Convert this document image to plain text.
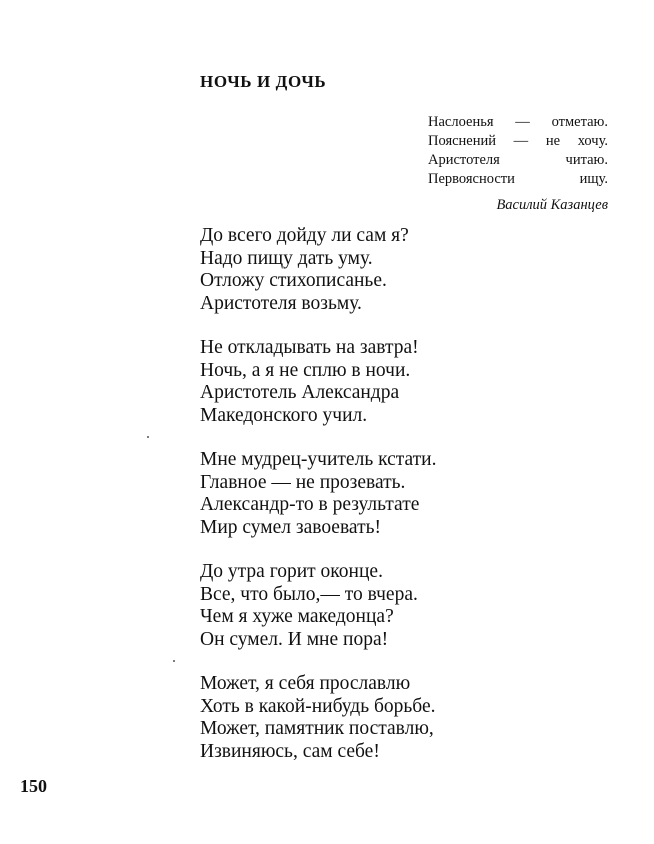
НОЧЬ И ДОЧЬ
Наслоенья — отметаю.
Пояснений — не хочу.
Аристотеля   читаю.
Первоясности   ищу.
Василий Казанцев
До всего дойду ли сам я?
Надо пищу дать уму.
Отложу стихописанье.
Аристотеля возьму.
Не откладывать на завтра!
Ночь, а я не сплю в ночи.
Аристотель Александра
Македонского учил.
Мне мудрец-учитель кстати.
Главное — не прозевать.
Александр-то в результате
Мир сумел завоевать!
До утра горит оконце.
Все, что было,— то вчера.
Чем я хуже македонца?
Он сумел. И мне пора!
Может, я себя прославлю
Хоть в какой-нибудь борьбе.
Может, памятник поставлю,
Извиняюсь, сам себе!
150
